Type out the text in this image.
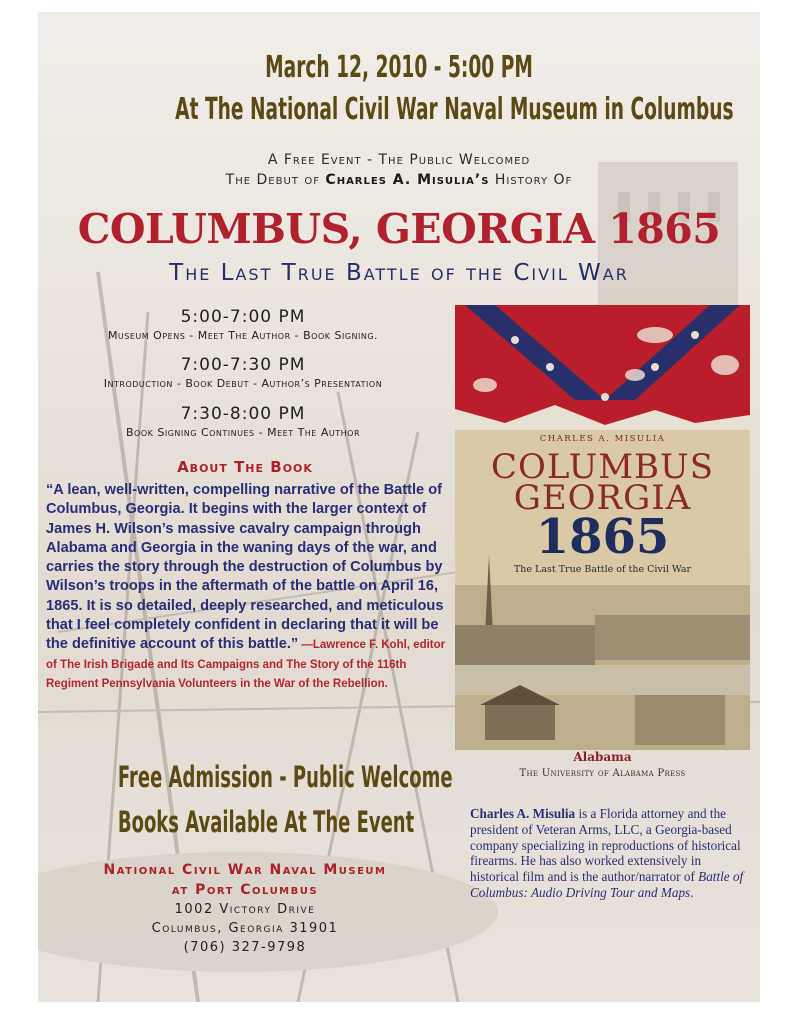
March 12, 2010 - 5:00 PM
At The National Civil War Naval Museum in Columbus
A Free Event - The Public Welcomed
The Debut of Charles A. Misulia’s History Of
COLUMBUS, GEORGIA 1865
The Last True Battle of the Civil War
5:00-7:00 PM
Museum Opens - Meet The Author - Book Signing.
7:00-7:30 PM
Introduction - Book Debut - Author’s Presentation
7:30-8:00 PM
Book Signing Continues - Meet The Author
About The Book
“A lean, well-written, compelling narrative of the Battle of Columbus, Georgia. It begins with the larger context of James H. Wilson’s massive cavalry campaign through Alabama and Georgia in the waning days of the war, and carries the story through the destruction of Columbus by Wilson’s troops in the aftermath of the battle on April 16, 1865. It is so detailed, deeply researched, and meticulous that I feel completely confident in declaring that it will be the definitive account of this battle.” —Lawrence F. Kohl, editor of The Irish Brigade and Its Campaigns and The Story of the 116th Regiment Pennsylvania Volunteers in the War of the Rebellion.
Free Admission - Public Welcome
Books Available At The Event
National Civil War Naval Museum
at Port Columbus
1002 Victory Drive
Columbus, Georgia 31901
(706) 327-9798
CHARLES A. MISULIA
COLUMBUS
GEORGIA
1865
The Last True Battle of the Civil War
Alabama
The University of Alabama Press
Charles A. Misulia is a Florida attorney and the president of Veteran Arms, LLC, a Georgia-based company specializing in reproductions of historical firearms. He has also worked extensively in historical film and is the author/narrator of Battle of Columbus: Audio Driving Tour and Maps.
